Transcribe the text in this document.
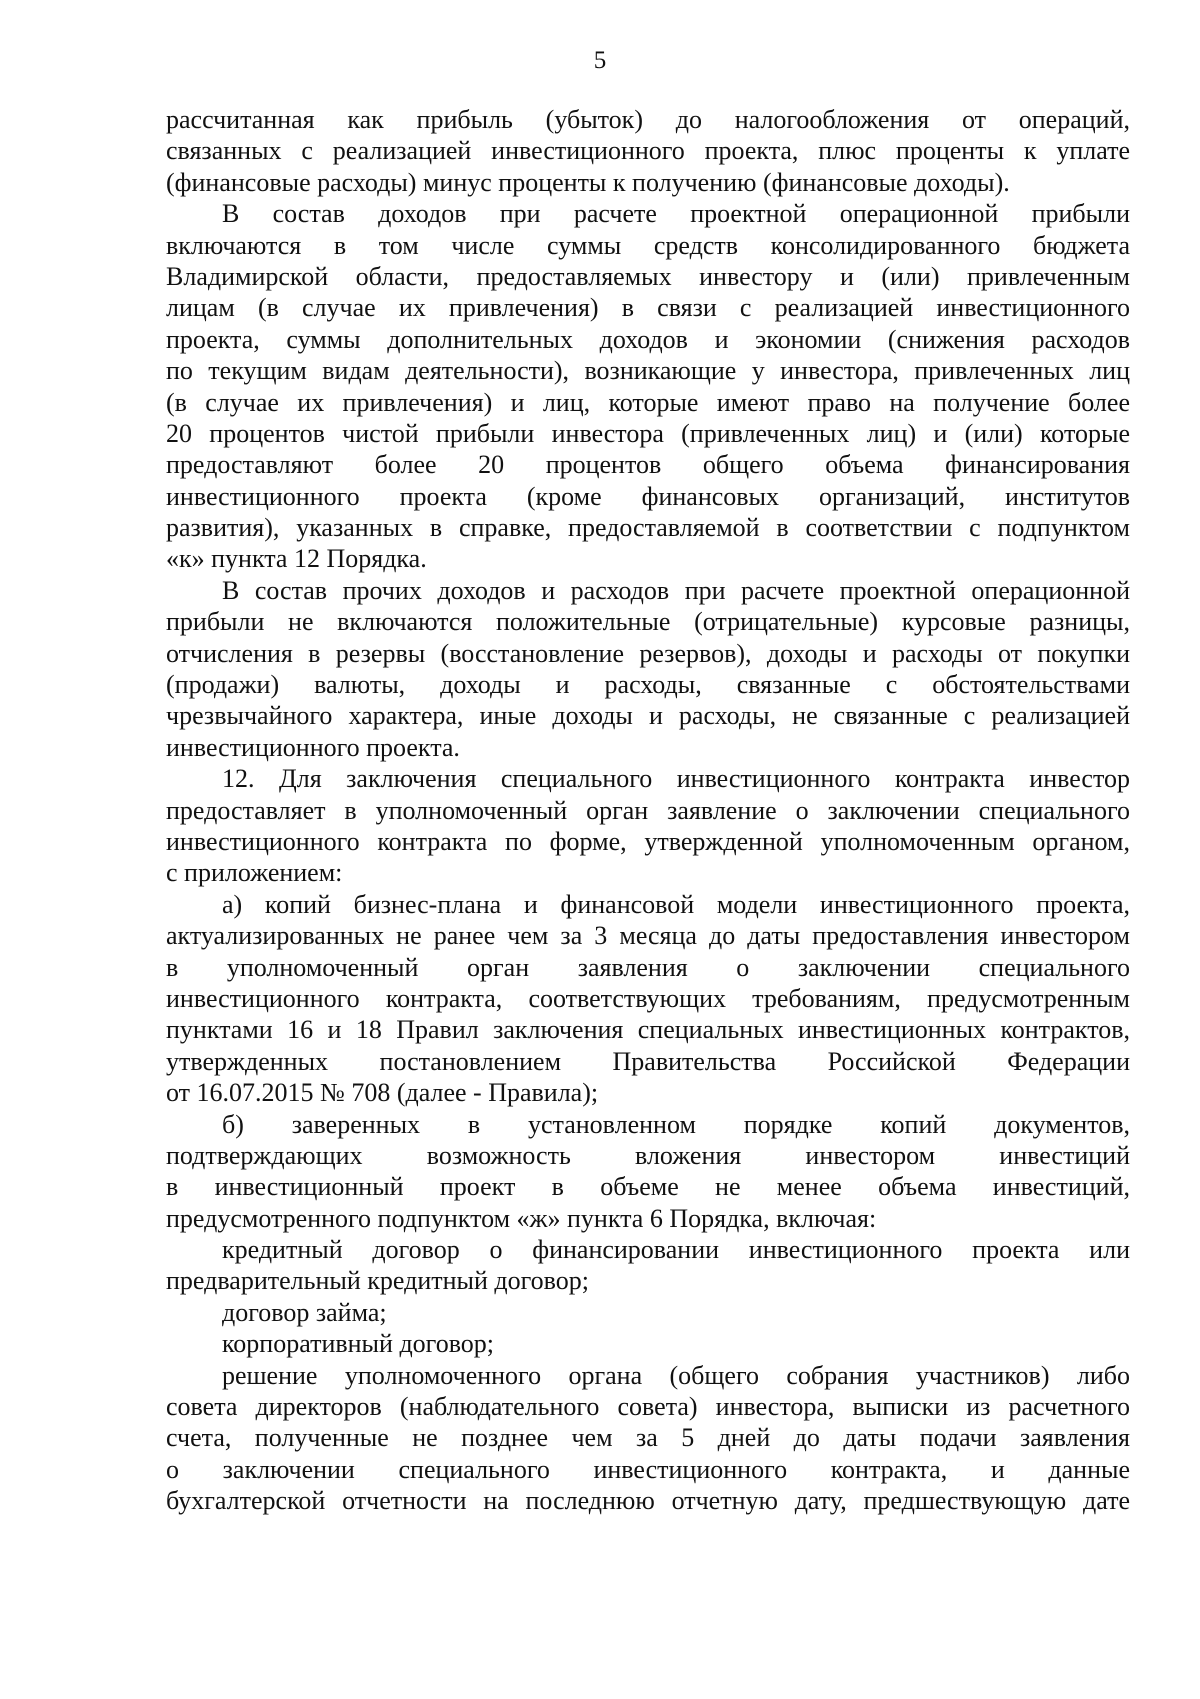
5
рассчитанная как прибыль (убыток) до налогообложения от операций,
связанных с реализацией инвестиционного проекта, плюс проценты к уплате
(финансовые расходы) минус проценты к получению (финансовые доходы).
В состав доходов при расчете проектной операционной прибыли
включаются в том числе суммы средств консолидированного бюджета
Владимирской области, предоставляемых инвестору и (или) привлеченным
лицам (в случае их привлечения) в связи с реализацией инвестиционного
проекта, суммы дополнительных доходов и экономии (снижения расходов
по текущим видам деятельности), возникающие у инвестора, привлеченных лиц
(в случае их привлечения) и лиц, которые имеют право на получение более
20 процентов чистой прибыли инвестора (привлеченных лиц) и (или) которые
предоставляют более 20 процентов общего объема финансирования
инвестиционного проекта (кроме финансовых организаций, институтов
развития), указанных в справке, предоставляемой в соответствии с подпунктом
«к» пункта 12 Порядка.
В состав прочих доходов и расходов при расчете проектной операционной
прибыли не включаются положительные (отрицательные) курсовые разницы,
отчисления в резервы (восстановление резервов), доходы и расходы от покупки
(продажи) валюты, доходы и расходы, связанные с обстоятельствами
чрезвычайного характера, иные доходы и расходы, не связанные с реализацией
инвестиционного проекта.
12. Для заключения специального инвестиционного контракта инвестор
предоставляет в уполномоченный орган заявление о заключении специального
инвестиционного контракта по форме, утвержденной уполномоченным органом,
с приложением:
а) копий бизнес-плана и финансовой модели инвестиционного проекта,
актуализированных не ранее чем за 3 месяца до даты предоставления инвестором
в уполномоченный орган заявления о заключении специального
инвестиционного контракта, соответствующих требованиям, предусмотренным
пунктами 16 и 18 Правил заключения специальных инвестиционных контрактов,
утвержденных постановлением Правительства Российской Федерации
от 16.07.2015 № 708 (далее - Правила);
б) заверенных в установленном порядке копий документов,
подтверждающих возможность вложения инвестором инвестиций
в инвестиционный проект в объеме не менее объема инвестиций,
предусмотренного подпунктом «ж» пункта 6 Порядка, включая:
кредитный договор о финансировании инвестиционного проекта или
предварительный кредитный договор;
договор займа;
корпоративный договор;
решение уполномоченного органа (общего собрания участников) либо
совета директоров (наблюдательного совета) инвестора, выписки из расчетного
счета, полученные не позднее чем за 5 дней до даты подачи заявления
о заключении специального инвестиционного контракта, и данные
бухгалтерской отчетности на последнюю отчетную дату, предшествующую дате
